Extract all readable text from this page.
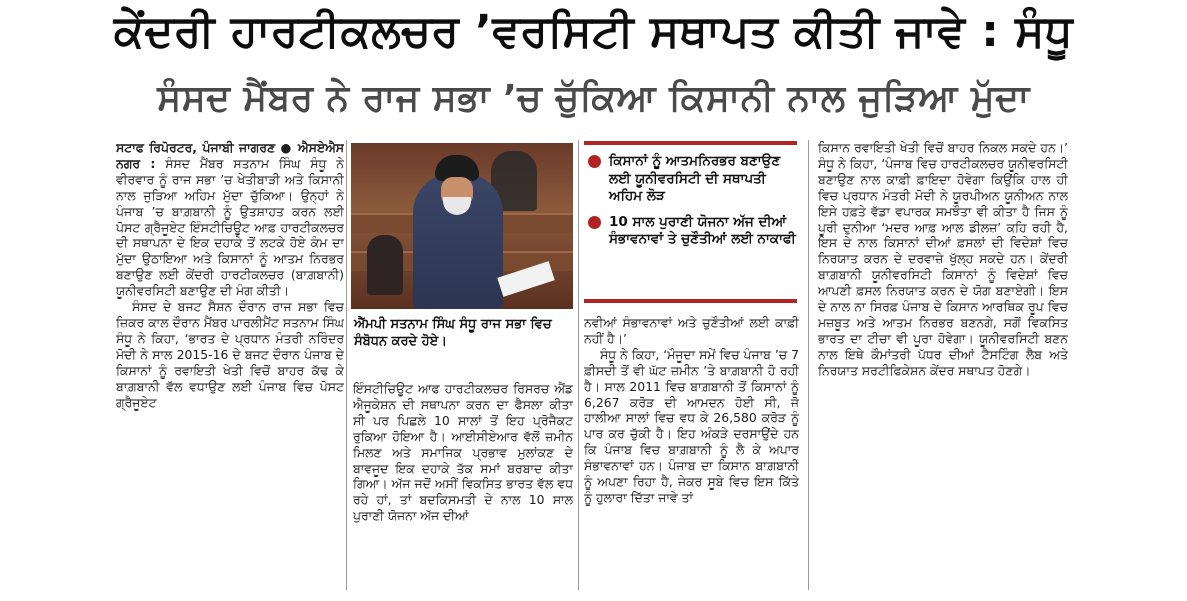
ਕੇਂਦਰੀ ਹਾਰਟੀਕਲਚਰ ’ਵਰਸਿਟੀ ਸਥਾਪਤ ਕੀਤੀ ਜਾਵੇ : ਸੰਧੂ
ਸੰਸਦ ਮੈਂਬਰ ਨੇ ਰਾਜ ਸਭਾ ’ਚ ਚੁੱਕਿਆ ਕਿਸਾਨੀ ਨਾਲ ਜੁੜਿਆ ਮੁੱਦਾ

ਸਟਾਫ ਰਿਪੋਰਟਰ, ਪੰਜਾਬੀ ਜਾਗਰਣ ● ਐਸਏਐਸ ਨਗਰ : ਸੰਸਦ ਮੈਂਬਰ ਸਤਨਾਮ ਸਿੰਘ ਸੰਧੂ ਨੇ ਵੀਰਵਾਰ ਨੂੰ ਰਾਜ ਸਭਾ ’ਚ ਖੇਤੀਬਾੜੀ ਅਤੇ ਕਿਸਾਨੀ ਨਾਲ ਜੁੜਿਆ ਅਹਿਮ ਮੁੱਦਾ ਚੁੱਕਿਆ। ਉਨ੍ਹਾਂ ਨੇ ਪੰਜਾਬ ’ਚ ਬਾਗ਼ਬਾਨੀ ਨੂੰ ਉਤਸ਼ਾਹਤ ਕਰਨ ਲਈ ਪੋਸਟ ਗ੍ਰੈਜੂਏਟ ਇੰਸਟੀਚਿਊਟ ਆਫ਼ ਹਾਰਟੀਕਲਚਰ ਦੀ ਸਥਾਪਨਾ ਦੇ ਇਕ ਦਹਾਕੇ ਤੋਂ ਲਟਕੇ ਹੋਏ ਕੰਮ ਦਾ ਮੁੱਦਾ ਉਠਾਇਆ ਅਤੇ ਕਿਸਾਨਾਂ ਨੂੰ ਆਤਮ ਨਿਰਭਰ ਬਣਾਉਣ ਲਈ ਕੇਂਦਰੀ ਹਾਰਟੀਕਲਚਰ (ਬਾਗ਼ਬਾਨੀ) ਯੂਨੀਵਰਸਿਟੀ ਬਣਾਉਣ ਦੀ ਮੰਗ ਕੀਤੀ।

ਸੰਸਦ ਦੇ ਬਜਟ ਸੈਸ਼ਨ ਦੌਰਾਨ ਰਾਜ ਸਭਾ ਵਿਚ ਜ਼ਿਕਰ ਕਾਲ ਦੌਰਾਨ ਮੈਂਬਰ ਪਾਰਲੀਮੈਂਟ ਸਤਨਾਮ ਸਿੰਘ ਸੰਧੂ ਨੇ ਕਿਹਾ, ‘ਭਾਰਤ ਦੇ ਪ੍ਰਧਾਨ ਮੰਤਰੀ ਨਰਿੰਦਰ ਮੋਦੀ ਨੇ ਸਾਲ 2015-16 ਦੇ ਬਜਟ ਦੌਰਾਨ ਪੰਜਾਬ ਦੇ ਕਿਸਾਨਾਂ ਨੂੰ ਰਵਾਇਤੀ ਖੇਤੀ ਵਿਚੋਂ ਬਾਹਰ ਕੱਢ ਕੇ ਬਾਗ਼ਬਾਨੀ ਵੱਲ ਵਧਾਉਣ ਲਈ ਪੰਜਾਬ ਵਿਚ ਪੋਸਟ ਗ੍ਰੈਜੂਏਟ

ਐੱਮਪੀ ਸਤਨਾਮ ਸਿੰਘ ਸੰਧੂ ਰਾਜ ਸਭਾ ਵਿਚ ਸੰਬੋਧਨ ਕਰਦੇ ਹੋਏ।

ਇੰਸਟੀਚਿਊਟ ਆਫ ਹਾਰਟੀਕਲਚਰ ਰਿਸਰਚ ਐਂਡ ਐਜੂਕੇਸ਼ਨ ਦੀ ਸਥਾਪਨਾ ਕਰਨ ਦਾ ਫੈਸਲਾ ਕੀਤਾ ਸੀ ਪਰ ਪਿਛਲੇ 10 ਸਾਲਾਂ ਤੋਂ ਇਹ ਪ੍ਰੋਜੈਕਟ ਰੁਕਿਆ ਹੋਇਆ ਹੈ। ਆਈਸੀਏਆਰ ਵੱਲੋਂ ਜ਼ਮੀਨ ਮਿਲਣ ਅਤੇ ਸਮਾਜਿਕ ਪ੍ਰਭਾਵ ਮੁਲਾਂਕਣ ਦੇ ਬਾਵਜੂਦ ਇਕ ਦਹਾਕੇ ਤੱਕ ਸਮਾਂ ਬਰਬਾਦ ਕੀਤਾ ਗਿਆ। ਅੱਜ ਜਦੋਂ ਅਸੀਂ ਵਿਕਸਿਤ ਭਾਰਤ ਵੱਲ ਵਧ ਰਹੇ ਹਾਂ, ਤਾਂ ਬਦਕਿਸਮਤੀ ਦੇ ਨਾਲ 10 ਸਾਲ ਪੁਰਾਣੀ ਯੋਜਨਾ ਅੱਜ ਦੀਆਂ

ਕਿਸਾਨਾਂ ਨੂੰ ਆਤਮਨਿਰਭਰ ਬਣਾਉਣ ਲਈ ਯੂਨੀਵਰਸਿਟੀ ਦੀ ਸਥਾਪਤੀ ਅਹਿਮ ਲੋੜ
10 ਸਾਲ ਪੁਰਾਣੀ ਯੋਜਨਾ ਅੱਜ ਦੀਆਂ ਸੰਭਾਵਨਾਵਾਂ ਤੇ ਚੁਣੌਤੀਆਂ ਲਈ ਨਾਕਾਫੀ

ਨਵੀਆਂ ਸੰਭਾਵਨਾਵਾਂ ਅਤੇ ਚੁਣੌਤੀਆਂ ਲਈ ਕਾਫ਼ੀ ਨਹੀਂ ਹੈ।’

ਸੰਧੂ ਨੇ ਕਿਹਾ, ‘ਮੌਜੂਦਾ ਸਮੇਂ ਵਿਚ ਪੰਜਾਬ ’ਚ 7 ਫ਼ੀਸਦੀ ਤੋਂ ਵੀ ਘੱਟ ਜ਼ਮੀਨ ’ਤੇ ਬਾਗ਼ਬਾਨੀ ਹੋ ਰਹੀ ਹੈ। ਸਾਲ 2011 ਵਿਚ ਬਾਗ਼ਬਾਨੀ ਤੋਂ ਕਿਸਾਨਾਂ ਨੂੰ 6,267 ਕਰੋੜ ਦੀ ਆਮਦਨ ਹੋਈ ਸੀ, ਜੋ ਹਾਲੀਆ ਸਾਲਾਂ ਵਿਚ ਵਧ ਕੇ 26,580 ਕਰੋੜ ਨੂੰ ਪਾਰ ਕਰ ਚੁੱਕੀ ਹੈ। ਇਹ ਅੰਕੜੇ ਦਰਸਾਉਂਦੇ ਹਨ ਕਿ ਪੰਜਾਬ ਵਿਚ ਬਾਗ਼ਬਾਨੀ ਨੂੰ ਲੈ ਕੇ ਅਪਾਰ ਸੰਭਾਵਨਾਵਾਂ ਹਨ। ਪੰਜਾਬ ਦਾ ਕਿਸਾਨ ਬਾਗ਼ਬਾਨੀ ਨੂੰ ਅਪਣਾ ਰਿਹਾ ਹੈ, ਜੇਕਰ ਸੂਬੇ ਵਿਚ ਇਸ ਕਿੱਤੇ ਨੂੰ ਹੁਲਾਰਾ ਦਿੱਤਾ ਜਾਵੇ ਤਾਂ

ਕਿਸਾਨ ਰਵਾਇਤੀ ਖੇਤੀ ਵਿਚੋਂ ਬਾਹਰ ਨਿਕਲ ਸਕਦੇ ਹਨ।’ ਸੰਧੂ ਨੇ ਕਿਹਾ, ‘ਪੰਜਾਬ ਵਿਚ ਹਾਰਟੀਕਲਚਰ ਯੂਨੀਵਰਸਿਟੀ ਬਣਾਉਣ ਨਾਲ ਕਾਫ਼ੀ ਫ਼ਾਇਦਾ ਹੋਵੇਗਾ ਕਿਉਂਕਿ ਹਾਲ ਹੀ ਵਿਚ ਪ੍ਰਧਾਨ ਮੰਤਰੀ ਮੋਦੀ ਨੇ ਯੂਰਪੀਅਨ ਯੂਨੀਅਨ ਨਾਲ ਇਸੇ ਹਫ਼ਤੇ ਵੱਡਾ ਵਪਾਰਕ ਸਮਝੌਤਾ ਵੀ ਕੀਤਾ ਹੈ ਜਿਸ ਨੂੰ ਪੂਰੀ ਦੁਨੀਆ ‘ਮਦਰ ਆਫ਼ ਆਲ ਡੀਲਜ਼’ ਕਹਿ ਰਹੀ ਹੈ, ਇਸ ਦੇ ਨਾਲ ਕਿਸਾਨਾਂ ਦੀਆਂ ਫ਼ਸਲਾਂ ਦੀ ਵਿਦੇਸ਼ਾਂ ਵਿਚ ਨਿਰਯਾਤ ਕਰਨ ਦੇ ਦਰਵਾਜ਼ੇ ਖੁੱਲ੍ਹ ਸਕਦੇ ਹਨ। ਕੇਂਦਰੀ ਬਾਗ਼ਬਾਨੀ ਯੂਨੀਵਰਸਿਟੀ ਕਿਸਾਨਾਂ ਨੂੰ ਵਿਦੇਸ਼ਾਂ ਵਿਚ ਆਪਣੀ ਫ਼ਸਲ ਨਿਰਯਾਤ ਕਰਨ ਦੇ ਯੋਗ ਬਣਾਏਗੀ। ਇਸ ਦੇ ਨਾਲ ਨਾ ਸਿਰਫ਼ ਪੰਜਾਬ ਦੇ ਕਿਸਾਨ ਆਰਥਿਕ ਰੂਪ ਵਿਚ ਮਜ਼ਬੂਤ ਅਤੇ ਆਤਮ ਨਿਰਭਰ ਬਣਨਗੇ, ਸਗੋਂ ਵਿਕਸਿਤ ਭਾਰਤ ਦਾ ਟੀਚਾ ਵੀ ਪੂਰਾ ਹੋਵੇਗਾ। ਯੂਨੀਵਰਸਿਟੀ ਬਣਨ ਨਾਲ ਇਥੇ ਕੌਮਾਂਤਰੀ ਪੱਧਰ ਦੀਆਂ ਟੈਸਟਿੰਗ ਲੈਬ ਅਤੇ ਨਿਰਯਾਤ ਸਰਟੀਫਿਕੇਸ਼ਨ ਕੇਂਦਰ ਸਥਾਪਤ ਹੋਣਗੇ।
